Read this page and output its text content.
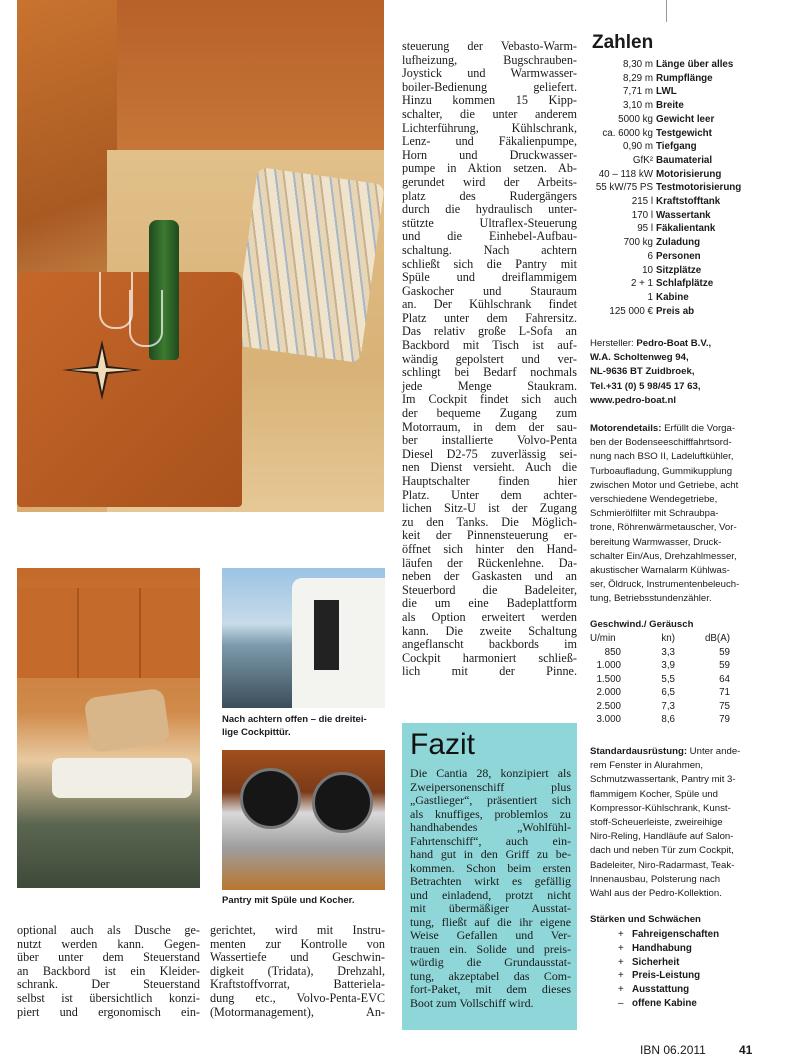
Nach achtern offen – die dreitei-
lige Cockpittür.
Pantry mit Spüle und Kocher.
steuerung der Vebasto-Warm-
lufheizung, Bugschrauben-
Joystick und Warmwasser-
boiler-Bedienung geliefert.
Hinzu kommen 15 Kipp-
schalter, die unter anderem
Lichterführung, Kühlschrank,
Lenz- und Fäkalienpumpe,
Horn und Druckwasser-
pumpe in Aktion setzen. Ab-
gerundet wird der Arbeits-
platz des Rudergängers
durch die hydraulisch unter-
stützte Ultraflex-Steuerung
und die Einhebel-Aufbau-
schaltung. Nach achtern
schließt sich die Pantry mit
Spüle und dreiflammigem
Gaskocher und Stauraum
an. Der Kühlschrank findet
Platz unter dem Fahrersitz.
Das relativ große L-Sofa an
Backbord mit Tisch ist auf-
wändig gepolstert und ver-
schlingt bei Bedarf nochmals
jede Menge Staukram.
Im Cockpit findet sich auch
der bequeme Zugang zum
Motorraum, in dem der sau-
ber installierte Volvo-Penta
Diesel D2-75 zuverlässig sei-
nen Dienst versieht. Auch die
Hauptschalter finden hier
Platz. Unter dem achter-
lichen Sitz-U ist der Zugang
zu den Tanks. Die Möglich-
keit der Pinnensteuerung er-
öffnet sich hinter den Hand-
läufen der Rückenlehne. Da-
neben der Gaskasten und an
Steuerbord die Badeleiter,
die um eine Badeplattform
als Option erweitert werden
kann. Die zweite Schaltung
angeflanscht backbords im
Cockpit harmoniert schließ-
lich mit der Pinne.
optional auch als Dusche ge-
nutzt werden kann. Gegen-
über unter dem Steuerstand
an Backbord ist ein Kleider-
schrank. Der Steuerstand
selbst ist übersichtlich konzi-
piert und ergonomisch ein-
gerichtet, wird mit Instru-
menten zur Kontrolle von
Wassertiefe und Geschwin-
digkeit (Tridata), Drehzahl,
Kraftstoffvorrat, Batteriela-
dung etc., Volvo-Penta-EVC
(Motormanagement), An-
Fazit

Die Cantia 28, konzipiert als
Zweipersonenschiff plus
„Gastlieger“, präsentiert sich
als knuffiges, problemlos zu
handhabendes „Wohlfühl-
Fahrtenschiff“, auch ein-
hand gut in den Griff zu be-
kommen. Schon beim ersten
Betrachten wirkt es gefällig
und einladend, protzt nicht
mit übermäßiger Ausstat-
tung, fließt auf die ihr eigene
Weise Gefallen und Ver-
trauen ein. Solide und preis-
würdig die Grundausstat-
tung, akzeptabel das Com-
fort-Paket, mit dem dieses
Boot zum Vollschiff wird.

Zahlen
8,30 m Länge über alles
8,29 m Rumpflänge
7,71 m LWL
3,10 m Breite
5000 kg Gewicht leer
ca. 6000 kg Testgewicht
0,90 m Tiefgang
GfK² Baumaterial
40 – 118 kW Motorisierung
55 kW/75 PS Testmotorisierung
215 l Kraftstofftank
170 l Wassertank
95 l Fäkalientank
700 kg Zuladung
6 Personen
10 Sitzplätze
2 + 1 Schlafplätze
1 Kabine
125 000 € Preis ab
Hersteller: Pedro-Boat B.V.,
W.A. Scholtenweg 94,
NL-9636 BT Zuidbroek,
Tel.+31 (0) 5 98/45 17 63,
www.pedro-boat.nl
Motorendetails: Erfüllt die Vorga-
ben der Bodenseeschifffahrtsord-
nung nach BSO II, Ladeluftkühler,
Turboaufladung, Gummikupplung
zwischen Motor und Getriebe, acht
verschiedene Wendegetriebe,
Schmierölfilter mit Schraubpa-
trone, Röhrenwärmetauscher, Vor-
bereitung Warmwasser, Druck-
schalter Ein/Aus, Drehzahlmesser,
akustischer Warnalarm Kühlwas-
ser, Öldruck, Instrumentenbeleuch-
tung, Betriebsstundenzähler.
Geschwind./ Geräusch
U/min	kn)	dB(A)
850	3,3	59
1.000	3,9	59
1.500	5,5	64
2.000	6,5	71
2.500	7,3	75
3.000	8,6	79
Standardausrüstung: Unter ande-
rem Fenster in Alurahmen,
Schmutzwassertank, Pantry mit 3-
flammigem Kocher, Spüle und
Kompressor-Kühlschrank, Kunst-
stoff-Scheuerleiste, zweireihige
Niro-Reling, Handläufe auf Salon-
dach und neben Tür zum Cockpit,
Badeleiter, Niro-Radarmast, Teak-
Innenausbau, Polsterung nach
Wahl aus der Pedro-Kollektion.
Stärken und Schwächen
+ Fahreigenschaften
+ Handhabung
+ Sicherheit
+ Preis-Leistung
+ Ausstattung
– offene Kabine
IBN 06.2011	41
